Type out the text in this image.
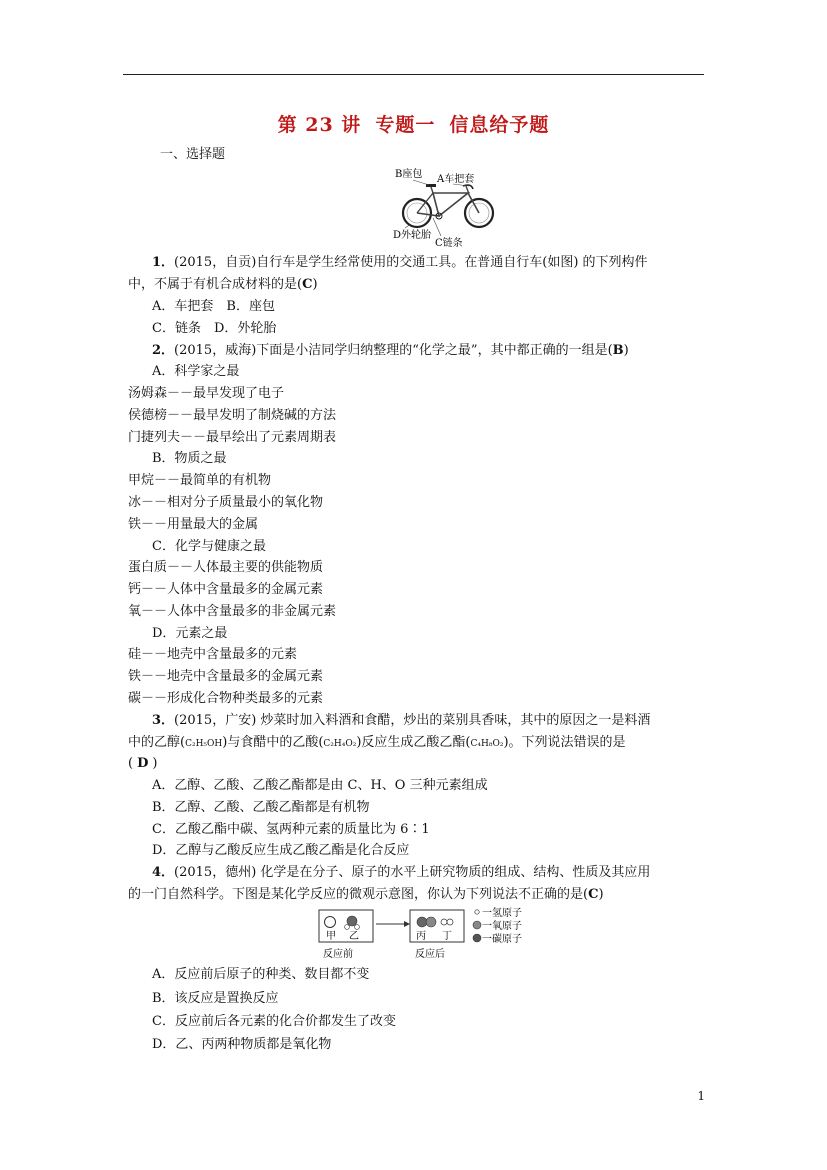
第 23 讲 专题一 信息给予题
一、选择题
B座包 A车把套
D外轮胎
C链条
1．(2015，自贡)自行车是学生经常使用的交通工具。在普通自行车(如图) 的下列构件
中，不属于有机合成材料的是(C)
A．车把套　B．座包
C．链条　D．外轮胎
2．(2015，威海)下面是小洁同学归纳整理的“化学之最”，其中都正确的一组是(B)
A．科学家之最
汤姆森－－最早发现了电子
侯德榜－－最早发明了制烧碱的方法
门捷列夫－－最早绘出了元素周期表
B．物质之最
甲烷－－最简单的有机物
冰－－相对分子质量最小的氧化物
铁－－用量最大的金属
C．化学与健康之最
蛋白质－－人体最主要的供能物质
钙－－人体中含量最多的金属元素
氧－－人体中含量最多的非金属元素
D．元素之最
硅－－地壳中含量最多的元素
铁－－地壳中含量最多的金属元素
碳－－形成化合物种类最多的元素
3．(2015，广安) 炒菜时加入料酒和食醋，炒出的菜别具香味，其中的原因之一是料酒
中的乙醇(C₂H₅OH)与食醋中的乙酸(C₂H₄O₂)反应生成乙酸乙酯(C₄H₈O₂)。下列说法错误的是
( D )
A．乙醇、乙酸、乙酸乙酯都是由 C、H、O 三种元素组成
B．乙醇、乙酸、乙酸乙酯都是有机物
C．乙酸乙酯中碳、氢两种元素的质量比为 6∶1
D．乙醇与乙酸反应生成乙酸乙酯是化合反应
4．(2015，德州) 化学是在分子、原子的水平上研究物质的组成、结构、性质及其应用
的一门自然科学。下图是某化学反应的微观示意图，你认为下列说法不正确的是(C)
甲 乙	丙 丁
反应前	反应后
一氢原子
一氧原子
一碳原子
A．反应前后原子的种类、数目都不变
B．该反应是置换反应
C．反应前后各元素的化合价都发生了改变
D．乙、丙两种物质都是氧化物
1
